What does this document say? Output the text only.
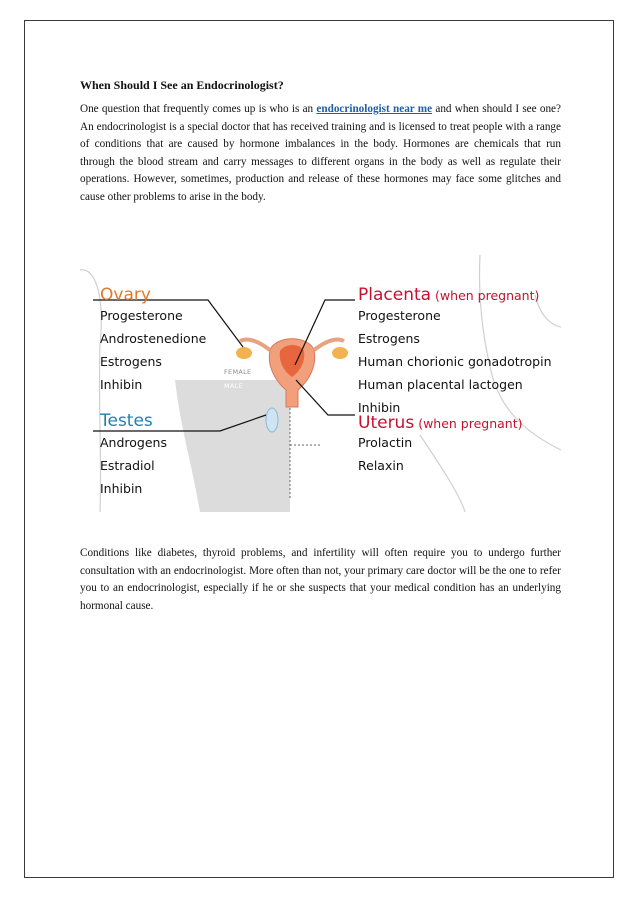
When Should I See an Endocrinologist?

One question that frequently comes up is who is an endocrinologist near me and when should I see one? An endocrinologist is a special doctor that has received training and is licensed to treat people with a range of conditions that are caused by hormone imbalances in the body. Hormones are chemicals that run through the blood stream and carry messages to different organs in the body as well as regulate their operations. However, sometimes, production and release of these hormones may face some glitches and cause other problems to arise in the body.

Ovary
Progesterone
Androstenedione
Estrogens
Inhibin
Testes
Androgens
Estradiol
Inhibin
Placenta (when pregnant)
Progesterone
Estrogens
Human chorionic gonadotropin
Human placental lactogen
Inhibin
Uterus (when pregnant)
Prolactin
Relaxin
FEMALE
MALE

Conditions like diabetes, thyroid problems, and infertility will often require you to undergo further consultation with an endocrinologist. More often than not, your primary care doctor will be the one to refer you to an endocrinologist, especially if he or she suspects that your medical condition has an underlying hormonal cause.
